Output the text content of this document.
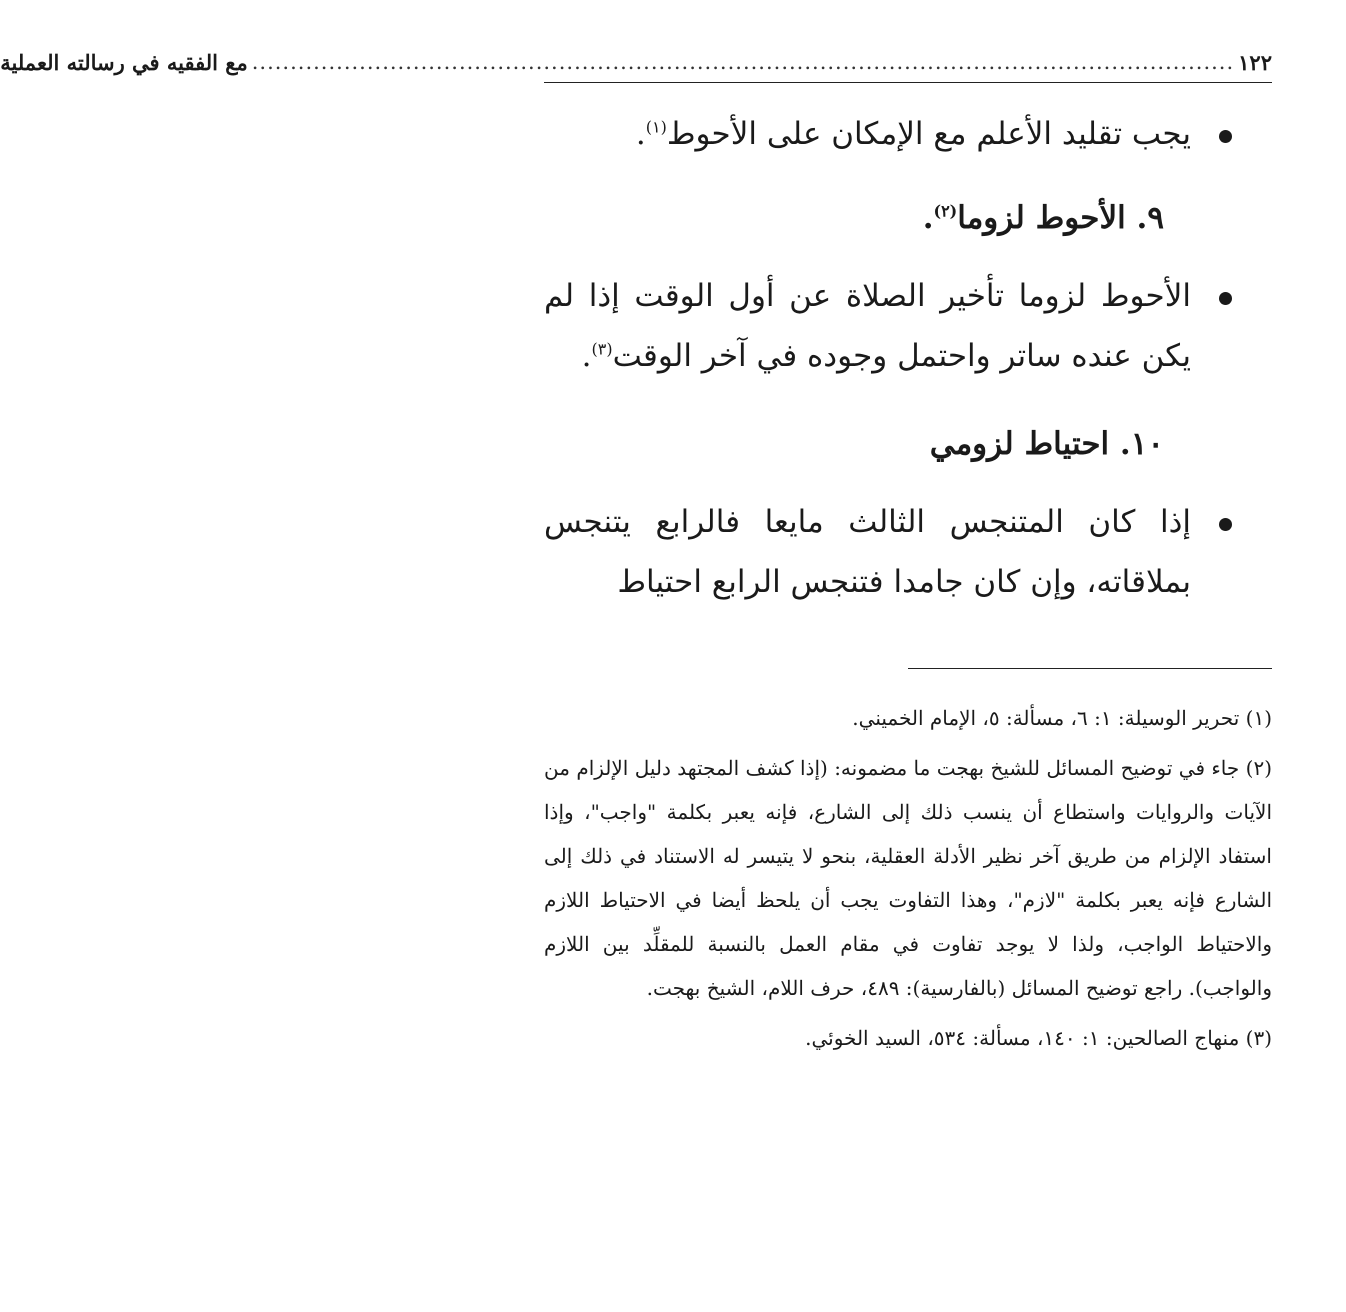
١٢٢
................................................................................................................................
مع الفقيه في رسالته العملية
يجب تقليد الأعلم مع الإمكان على الأحوط$^{(١)}$.
٩. الأحوط لزوما$^{(٢)}$.
الأحوط لزوما تأخير الصلاة عن أول الوقت إذا لم يكن عنده ساتر واحتمل وجوده في آخر الوقت$^{(٣)}$.
١٠. احتياط لزومي
إذا كان المتنجس الثالث مايعا فالرابع يتنجس بملاقاته، وإن كان جامدا فتنجس الرابع احتياط

(١) تحرير الوسيلة: ١: ٦، مسألة: ٥، الإمام الخميني.

(٢) جاء في توضيح المسائل للشيخ بهجت ما مضمونه: (إذا كشف المجتهد دليل الإلزام من الآيات والروايات واستطاع أن ينسب ذلك إلى الشارع، فإنه يعبر بكلمة "واجب"، وإذا استفاد الإلزام من طريق آخر نظير الأدلة العقلية، بنحو لا يتيسر له الاستناد في ذلك إلى الشارع فإنه يعبر بكلمة "لازم"، وهذا التفاوت يجب أن يلحظ أيضا في الاحتياط اللازم والاحتياط الواجب، ولذا لا يوجد تفاوت في مقام العمل بالنسبة للمقلِّد بين اللازم والواجب). راجع توضيح المسائل (بالفارسية): ٤٨٩، حرف اللام، الشيخ بهجت.

(٣) منهاج الصالحين: ١: ١٤٠، مسألة: ٥٣٤، السيد الخوئي.
